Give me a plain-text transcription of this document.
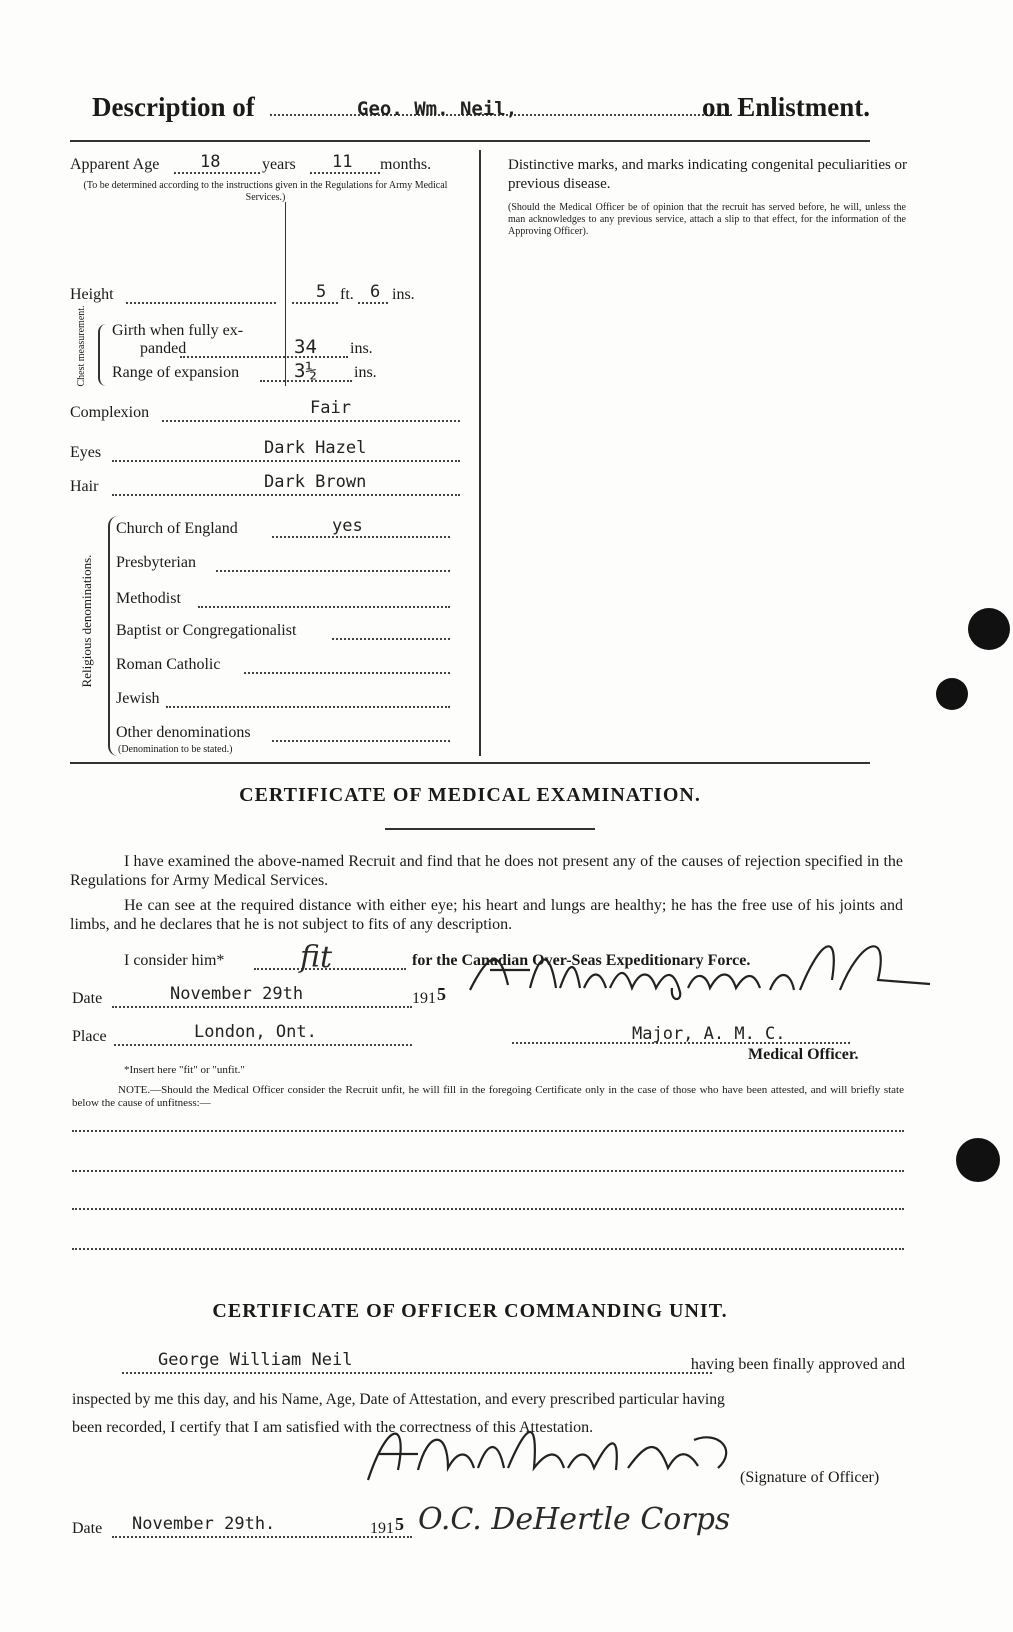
Description of	Geo. Wm. Neil,	on Enlistment.
Apparent Age 18	years 11 months.
(To be determined according to the instructions given in the Regulations for Army Medical Services.)
Height	5 ft. 6 ins.
Chest measurement. Girth when fully ex-
panded	34 ins.
Range of expansion	3½ ins.
Complexion	Fair
Eyes	Dark Hazel
Hair	Dark Brown
Religious denominations.
Church of England	yes
Presbyterian
Methodist
Baptist or Congregationalist
Roman Catholic
Jewish
Other denominations
(Denomination to be stated.)
Distinctive marks, and marks indicating congenital peculiarities or previous disease.
(Should the Medical Officer be of opinion that the recruit has served before, he will, unless the man acknowledges to any previous service, attach a slip to that effect, for the information of the Approving Officer).
CERTIFICATE OF MEDICAL EXAMINATION.
I have examined the above-named Recruit and find that he does not present any of the causes of rejection specified in the Regulations for Army Medical Services.
He can see at the required distance with either eye; his heart and lungs are healthy; he has the free use of his joints and limbs, and he declares that he is not subject to fits of any description.
I consider him*	fit	for the Canadian Over-Seas Expeditionary Force.
Date	November 29th	191 5
Place	London, Ont.	Major, A. M. C.
Medical Officer.
*Insert here "fit" or "unfit."
NOTE.—Should the Medical Officer consider the Recruit unfit, he will fill in the foregoing Certificate only in the case of those who have been attested, and will briefly state below the cause of unfitness:—
CERTIFICATE OF OFFICER COMMANDING UNIT.
George William Neil	having been finally approved and
inspected by me this day, and his Name, Age, Date of Attestation, and every prescribed particular having
been recorded, I certify that I am satisfied with the correctness of this Attestation.
(Signature of Officer)
Date November 29th.	191 5 O.C. DeHertle Corps
